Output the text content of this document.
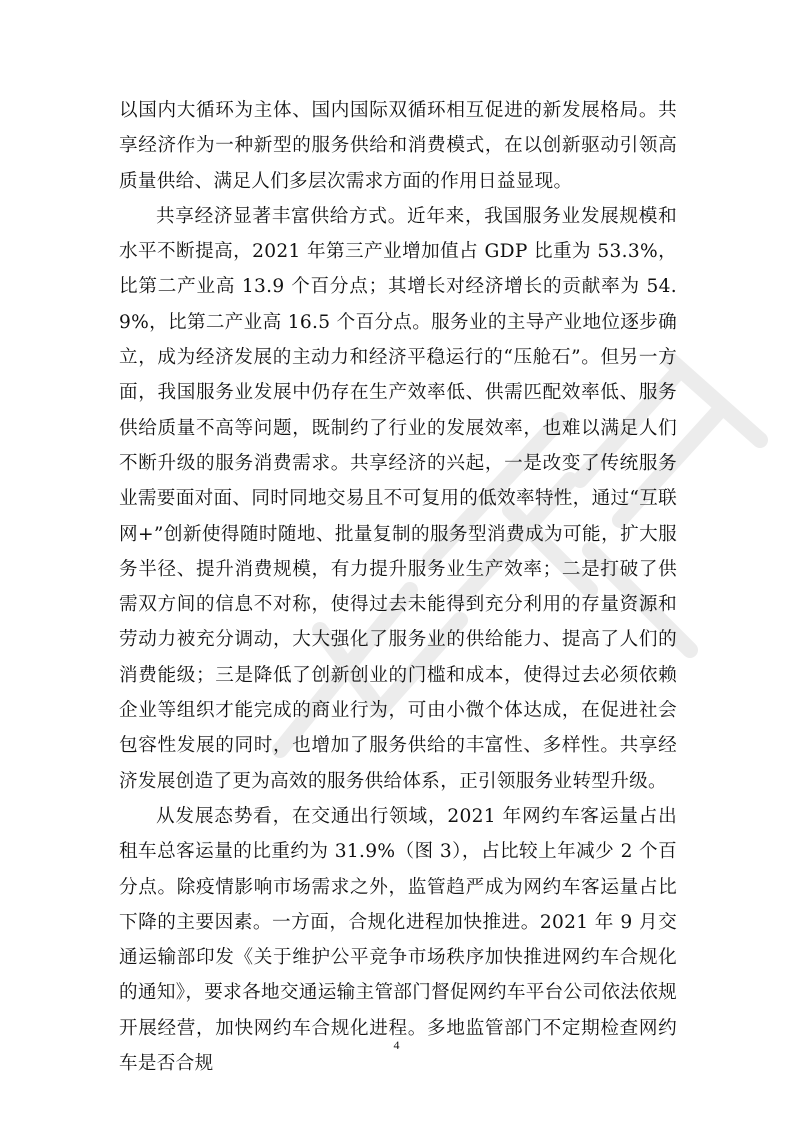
以国内大循环为主体、国内国际双循环相互促进的新发展格局。共享经济作为一种新型的服务供给和消费模式，在以创新驱动引领高质量供给、满足人们多层次需求方面的作用日益显现。

共享经济显著丰富供给方式。近年来，我国服务业发展规模和水平不断提高，2021 年第三产业增加值占 GDP 比重为 53.3%，比第二产业高 13.9 个百分点；其增长对经济增长的贡献率为 54.9%，比第二产业高 16.5 个百分点。服务业的主导产业地位逐步确立，成为经济发展的主动力和经济平稳运行的“压舱石”。但另一方面，我国服务业发展中仍存在生产效率低、供需匹配效率低、服务供给质量不高等问题，既制约了行业的发展效率，也难以满足人们不断升级的服务消费需求。共享经济的兴起，一是改变了传统服务业需要面对面、同时同地交易且不可复用的低效率特性，通过“互联网+”创新使得随时随地、批量复制的服务型消费成为可能，扩大服务半径、提升消费规模，有力提升服务业生产效率；二是打破了供需双方间的信息不对称，使得过去未能得到充分利用的存量资源和劳动力被充分调动，大大强化了服务业的供给能力、提高了人们的消费能级；三是降低了创新创业的门槛和成本，使得过去必须依赖企业等组织才能完成的商业行为，可由小微个体达成，在促进社会包容性发展的同时，也增加了服务供给的丰富性、多样性。共享经济发展创造了更为高效的服务供给体系，正引领服务业转型升级。

从发展态势看，在交通出行领域，2021 年网约车客运量占出租车总客运量的比重约为 31.9%（图 3），占比较上年减少 2 个百分点。除疫情影响市场需求之外，监管趋严成为网约车客运量占比下降的主要因素。一方面，合规化进程加快推进。2021 年 9 月交通运输部印发《关于维护公平竞争市场秩序加快推进网约车合规化的通知》，要求各地交通运输主管部门督促网约车平台公司依法依规开展经营，加快网约车合规化进程。多地监管部门不定期检查网约车是否合规

4
